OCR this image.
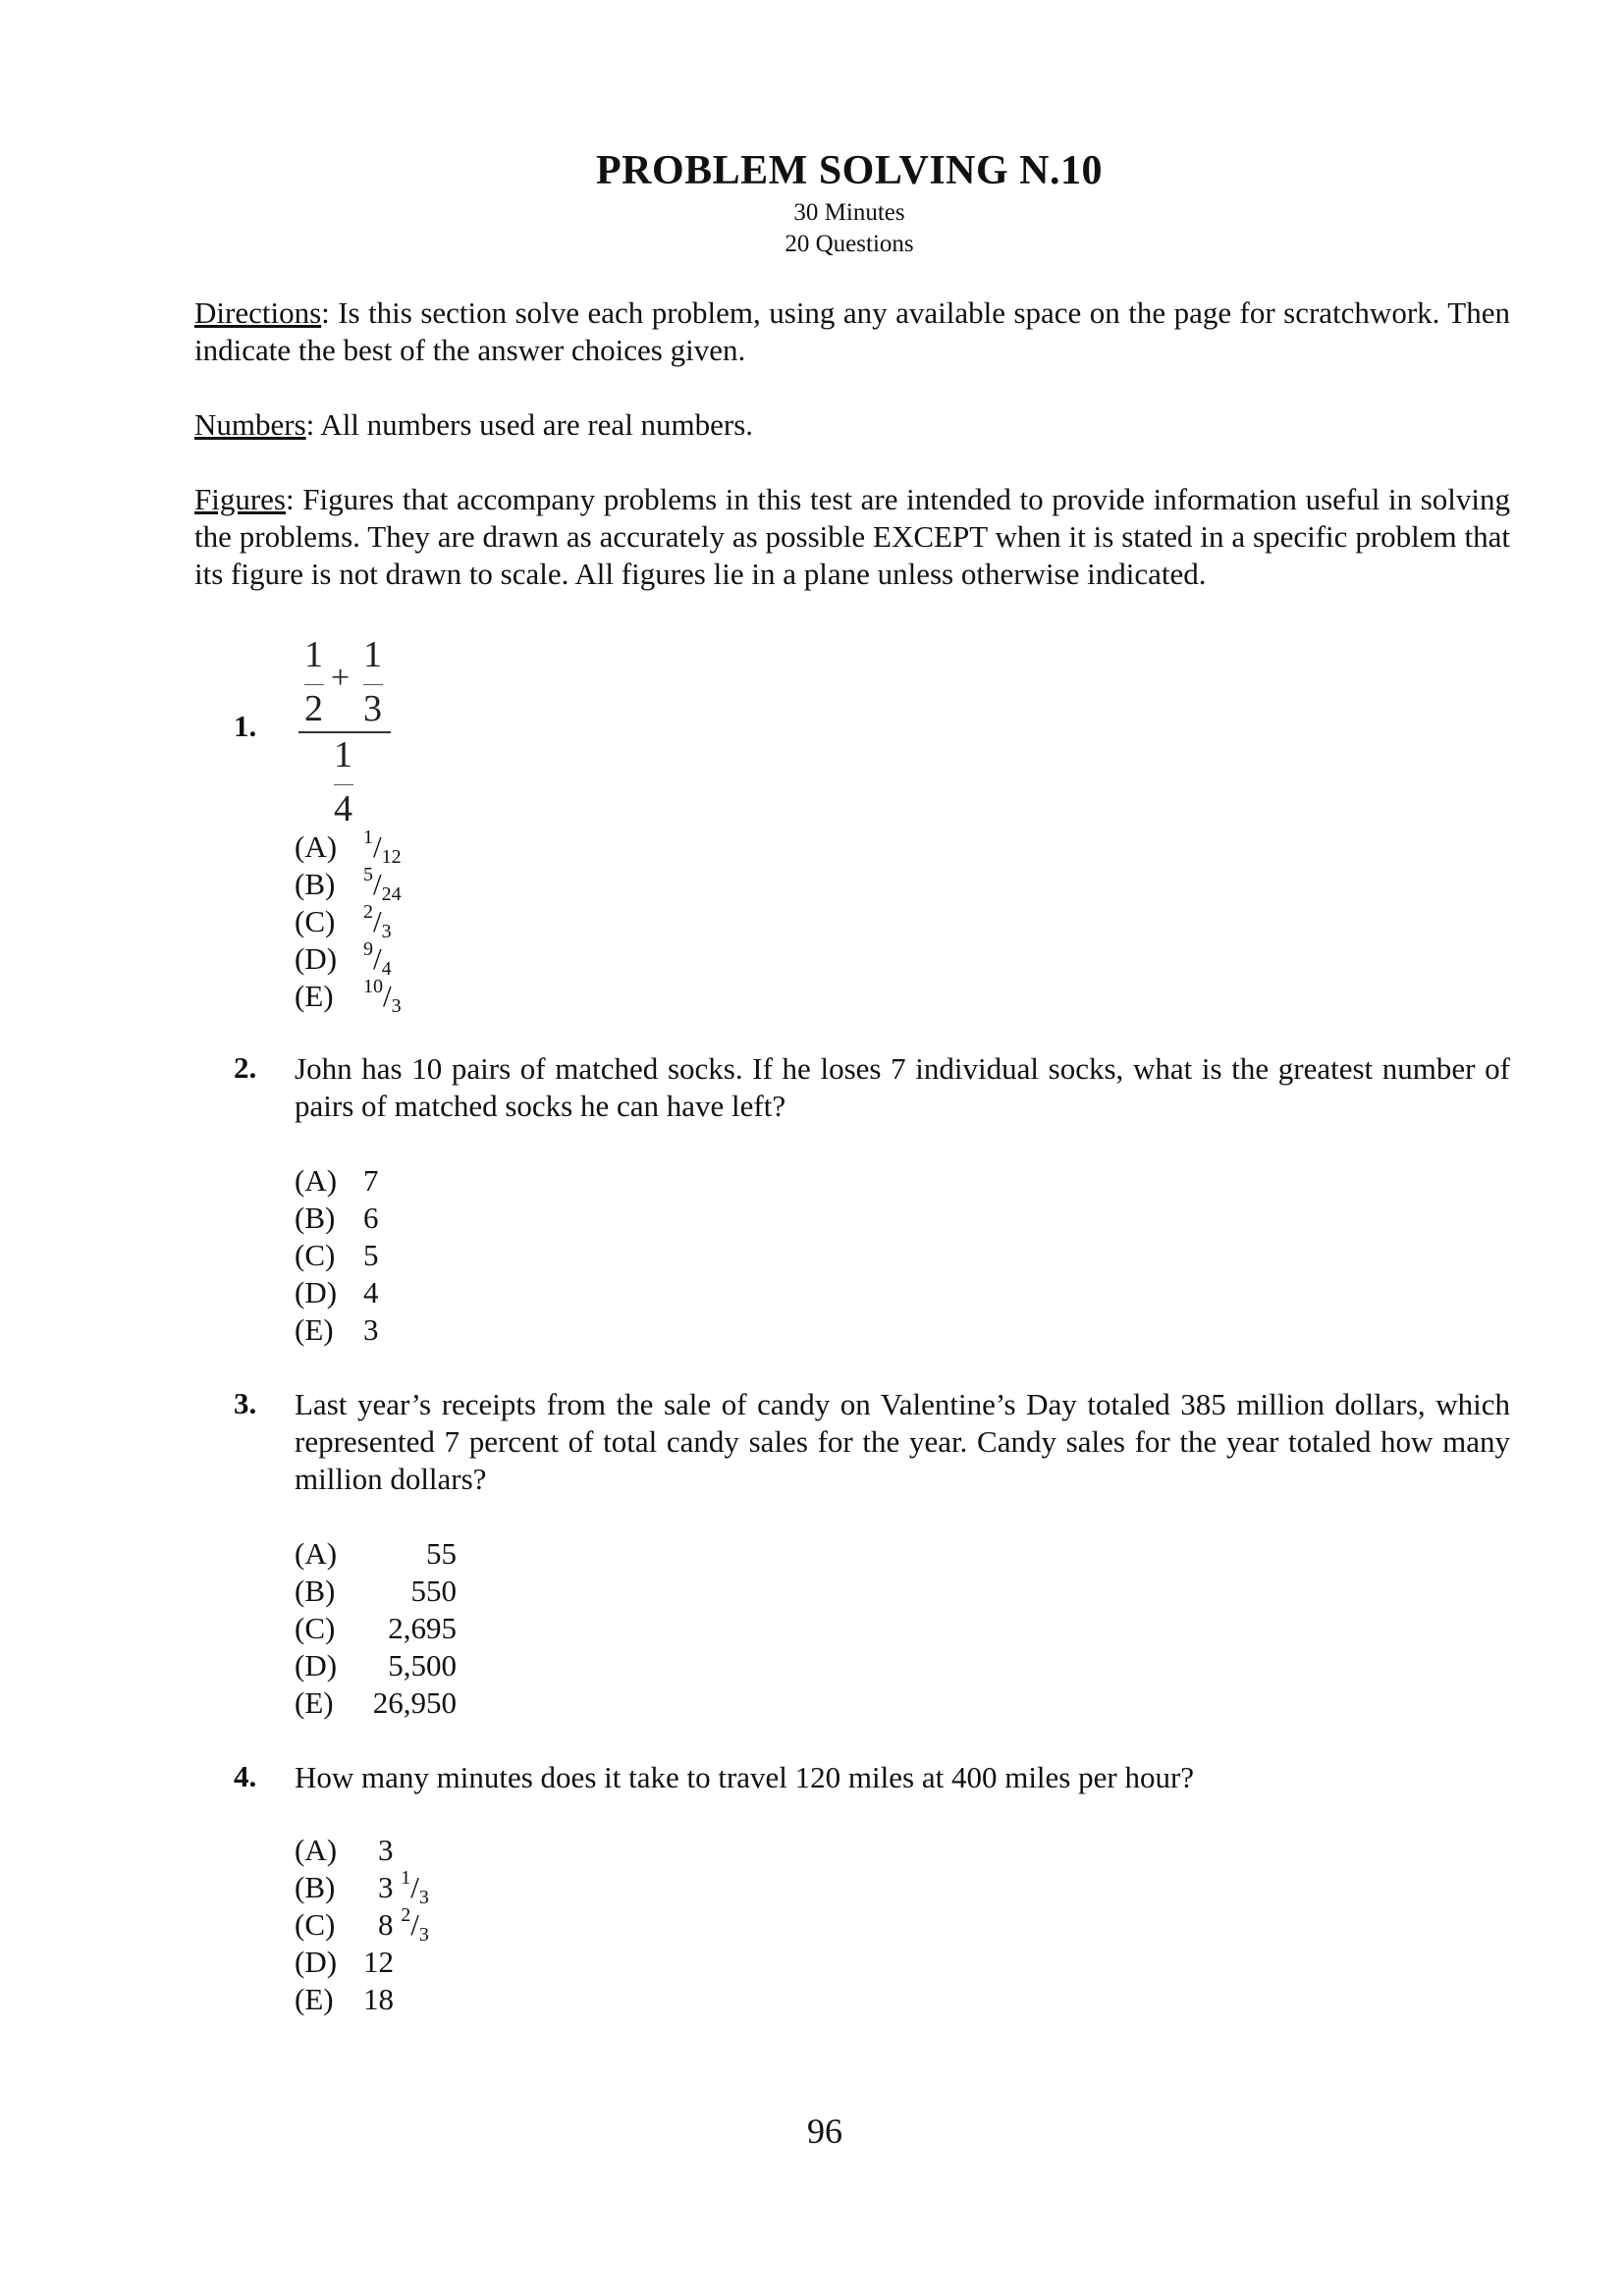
PROBLEM SOLVING N.10
30 Minutes
20 Questions
Directions: Is this section solve each problem, using any available space on the page for scratchwork. Then indicate the best of the answer choices given.
Numbers: All numbers used are real numbers.
Figures: Figures that accompany problems in this test are intended to provide information useful in solving the problems. They are drawn as accurately as possible EXCEPT when it is stated in a specific problem that its figure is not drawn to scale. All figures lie in a plane unless otherwise indicated.
1.
1
+
1
2 3
1
4
(A) $^1/_{12}$
(B) $^5/_{24}$
(C) $^2/_3$
(D) $^9/_4$
(E) $^{10}/_3$
2. John has 10 pairs of matched socks. If he loses 7 individual socks, what is the greatest number of pairs of matched socks he can have left?
(A) 7
(B) 6
(C) 5
(D) 4
(E) 3
3. Last year’s receipts from the sale of candy on Valentine’s Day totaled 385 million dollars, which represented 7 percent of total candy sales for the year. Candy sales for the year totaled how many million dollars?
(A)	55
(B)	550
(C)	2,695
(D)	5,500
(E)	26,950
4. How many minutes does it take to travel 120 miles at 400 miles per hour?
(A) 3
(B) 3 $^1/_3$
(C) 8 $^2/_3$
(D) 12
(E) 18
96
